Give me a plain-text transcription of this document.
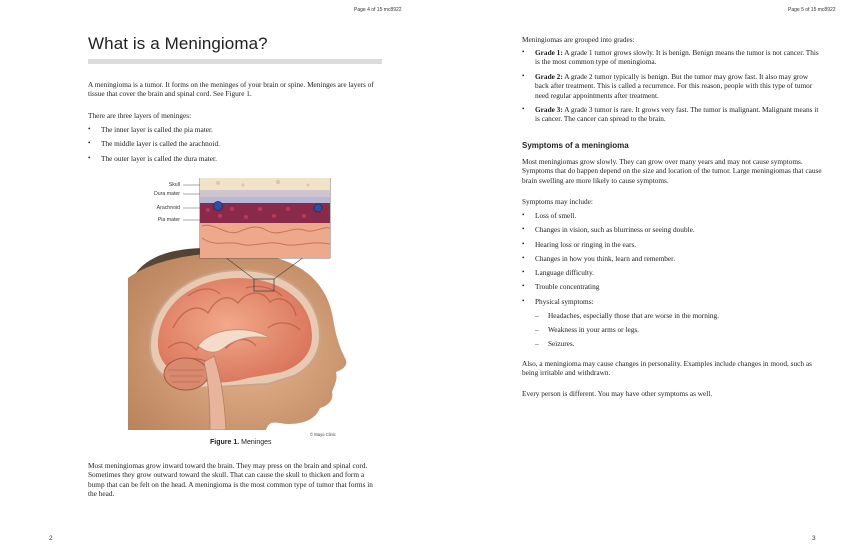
Page 4 of 15 mc8922
2
What is a Meningioma?
A meningioma is a tumor. It forms on the meninges of your brain or spine. Meninges are layers of tissue that cover the brain and spinal cord. See Figure 1.
There are three layers of meninges:
• The inner layer is called the pia mater.
• The middle layer is called the arachnoid.
• The outer layer is called the dura mater.
Skull
Dura mater
Arachnoid
Pia mater
© Mayo Clinic
Figure 1. Meninges
Most meningiomas grow inward toward the brain. They may press on the brain and spinal cord. Sometimes they grow outward toward the skull. That can cause the skull to thicken and form a bump that can be felt on the head. A meningioma is the most common type of tumor that forms in the head.
Page 5 of 15 mc8922
3
Meningiomas are grouped into grades:
• Grade 1: A grade 1 tumor grows slowly. It is benign. Benign means the tumor is not cancer. This is the most common type of meningioma.
• Grade 2: A grade 2 tumor typically is benign. But the tumor may grow fast. It also may grow back after treatment. This is called a recurrence. For this reason, people with this type of tumor need regular appointments after treatment.
• Grade 3: A grade 3 tumor is rare. It grows very fast. The tumor is malignant. Malignant means it is cancer. The cancer can spread to the brain.
Symptoms of a meningioma
Most meningiomas grow slowly. They can grow over many years and may not cause symptoms. Symptoms that do happen depend on the size and location of the tumor. Large meningiomas that cause brain swelling are more likely to cause symptoms.
Symptoms may include:
• Loss of smell.
• Changes in vision, such as blurriness or seeing double.
• Hearing loss or ringing in the ears.
• Changes in how you think, learn and remember.
• Language difficulty.
• Trouble concentrating
• Physical symptoms:
– Headaches, especially those that are worse in the morning.
– Weakness in your arms or legs.
– Seizures.
Also, a meningioma may cause changes in personality. Examples include changes in mood, such as being irritable and withdrawn.
Every person is different. You may have other symptoms as well.
